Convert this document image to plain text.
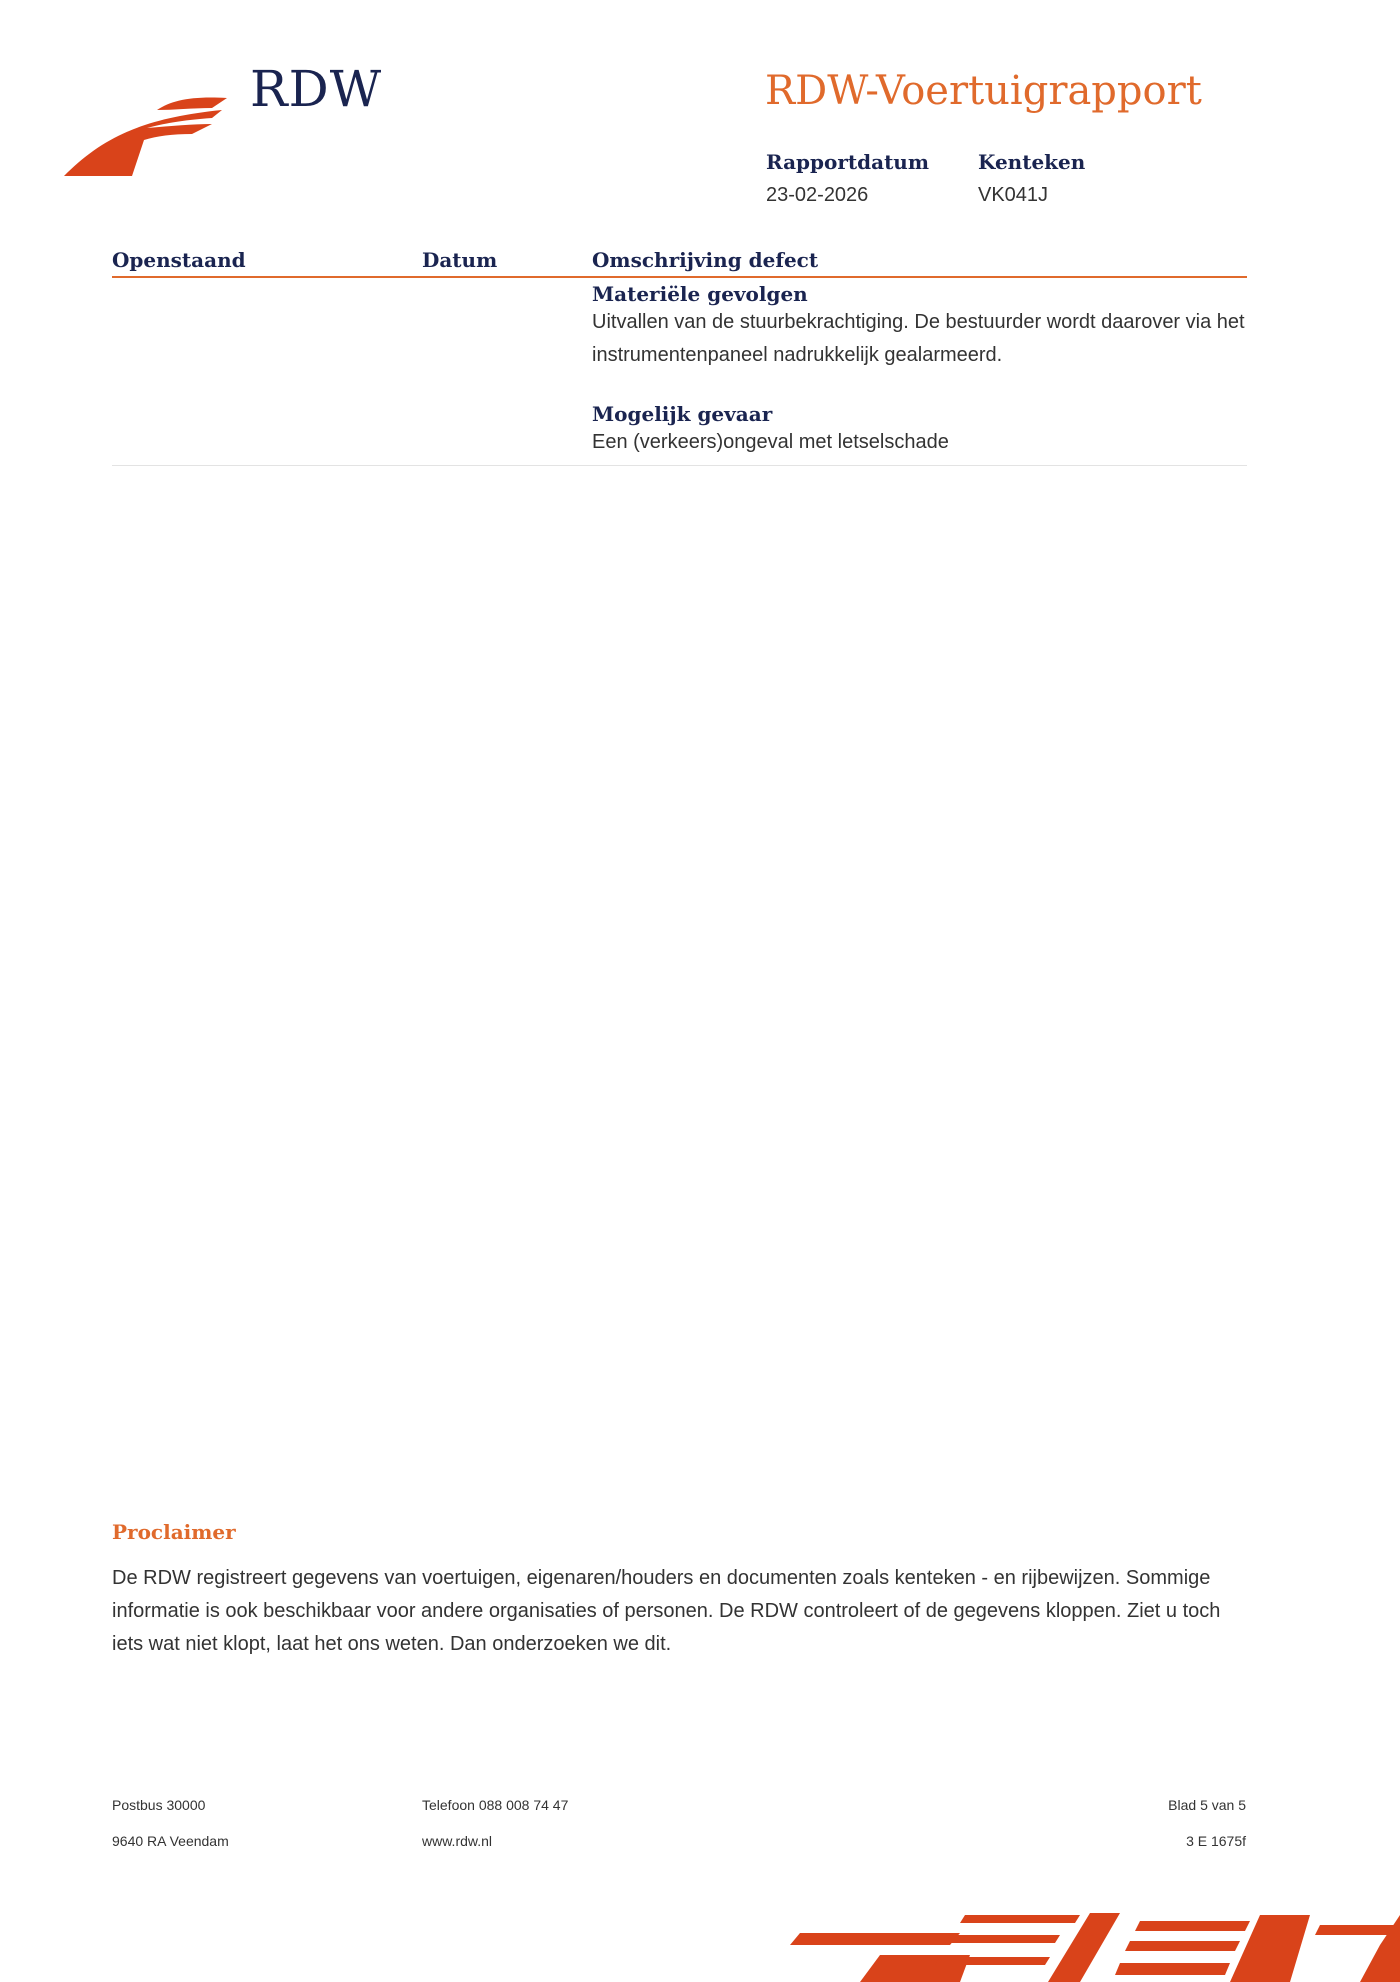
RDW	RDW-Voertuigrapport
Rapportdatum
23-02-2026
Kenteken
VK041J
Openstaand	Datum	Omschrijving defect
Materiële gevolgen
Uitvallen van de stuurbekrachtiging. De bestuurder wordt daarover via het instrumentenpaneel nadrukkelijk gealarmeerd.
Mogelijk gevaar
Een (verkeers)ongeval met letselschade
Proclaimer
De RDW registreert gegevens van voertuigen, eigenaren/houders en documenten zoals kenteken - en rijbewijzen. Sommige informatie is ook beschikbaar voor andere organisaties of personen. De RDW controleert of de gegevens kloppen. Ziet u toch iets wat niet klopt, laat het ons weten. Dan onderzoeken we dit.
Postbus 30000
9640 RA Veendam
Telefoon 088 008 74 47
www.rdw.nl
Blad 5 van 5
3 E 1675f
